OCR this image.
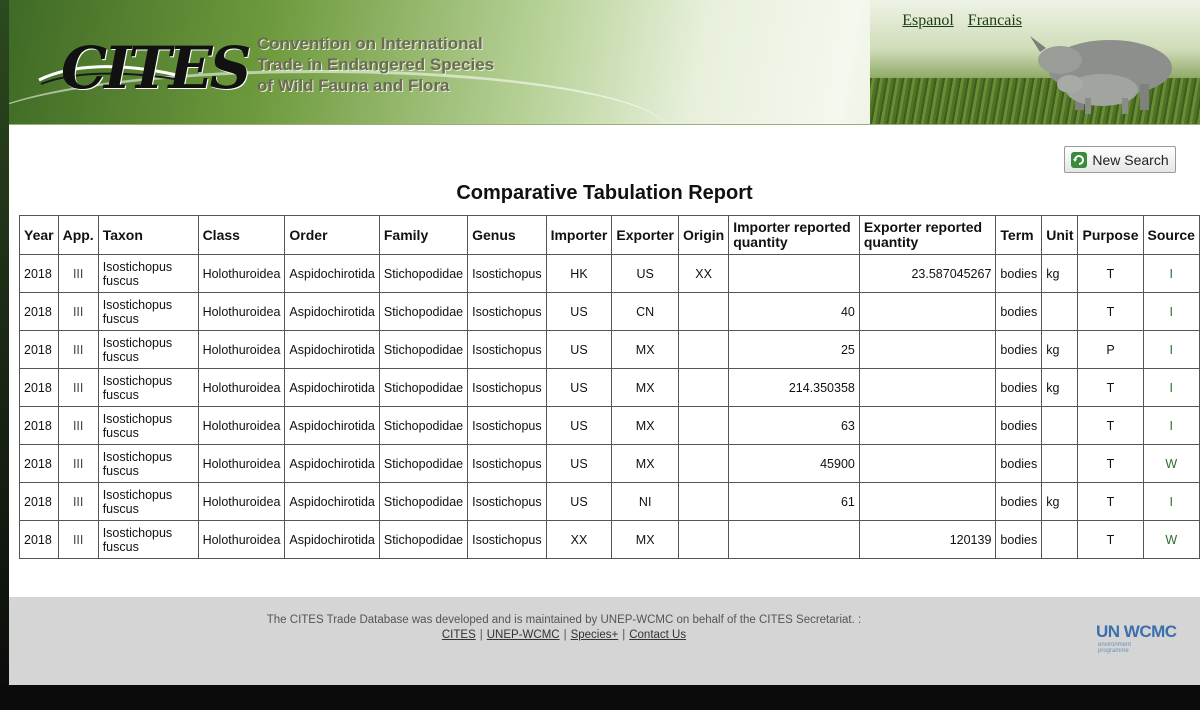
CITES Convention on International
Trade in Endangered Species
of Wild Fauna and Flora
Espanol Francais
New Search
Comparative Tabulation Report
Year	App.	Taxon	Class	Order	Family	Genus	Importer	Exporter	Origin	Importer reported quantity	Exporter reported quantity	Term	Unit	Purpose	Source
2018	III	Isostichopus fuscus	Holothuroidea	Aspidochirotida	Stichopodidae	Isostichopus	HK	US	XX		23.587045267	bodies	kg	T	I
2018	III	Isostichopus fuscus	Holothuroidea	Aspidochirotida	Stichopodidae	Isostichopus	US	CN		40		bodies		T	I
2018	III	Isostichopus fuscus	Holothuroidea	Aspidochirotida	Stichopodidae	Isostichopus	US	MX		25		bodies	kg	P	I
2018	III	Isostichopus fuscus	Holothuroidea	Aspidochirotida	Stichopodidae	Isostichopus	US	MX		214.350358		bodies	kg	T	I
2018	III	Isostichopus fuscus	Holothuroidea	Aspidochirotida	Stichopodidae	Isostichopus	US	MX		63		bodies		T	I
2018	III	Isostichopus fuscus	Holothuroidea	Aspidochirotida	Stichopodidae	Isostichopus	US	MX		45900		bodies		T	W
2018	III	Isostichopus fuscus	Holothuroidea	Aspidochirotida	Stichopodidae	Isostichopus	US	NI		61		bodies	kg	T	I
2018	III	Isostichopus fuscus	Holothuroidea	Aspidochirotida	Stichopodidae	Isostichopus	XX	MX			120139	bodies		T	W
The CITES Trade Database was developed and is maintained by UNEP-WCMC on behalf of the CITES Secretariat. :
CITES | UNEP-WCMC | Species+ | Contact Us	UN WCMC
environment
programme
